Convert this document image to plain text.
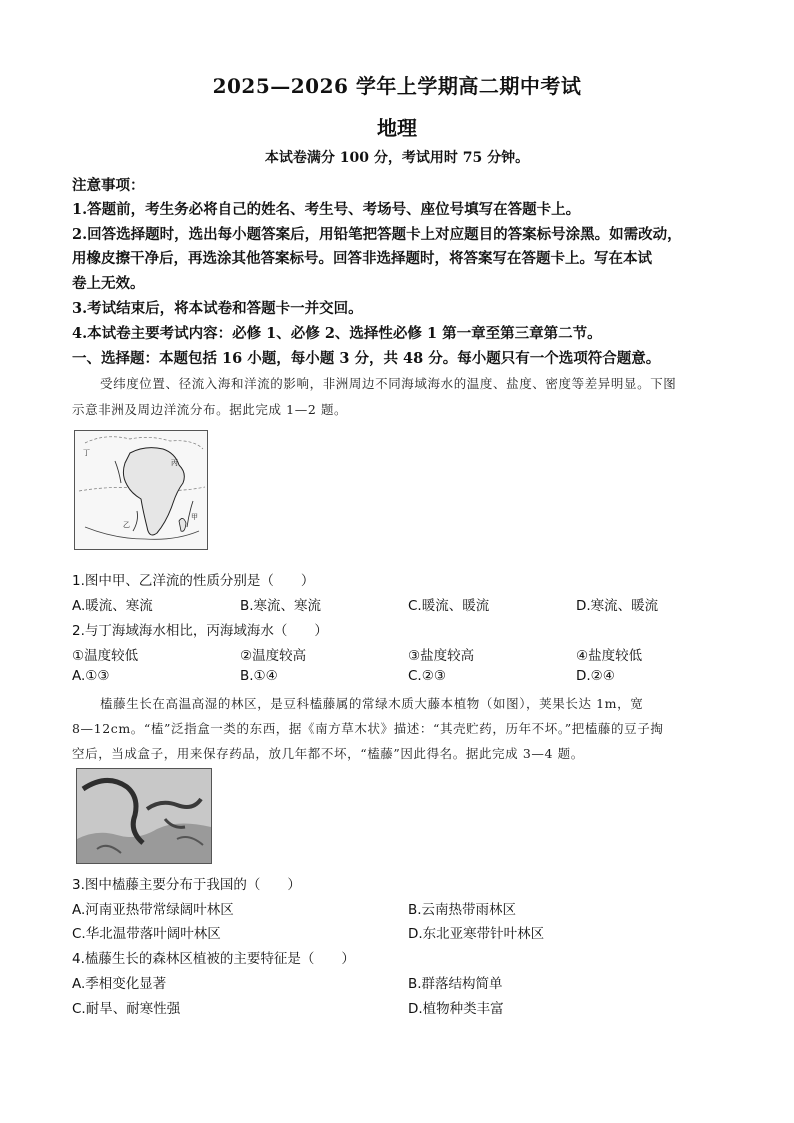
2025—2026 学年上学期高二期中考试
地理
本试卷满分 100 分，考试用时 75 分钟。
注意事项：
1.答题前，考生务必将自己的姓名、考生号、考场号、座位号填写在答题卡上。
2.回答选择题时，选出每小题答案后，用铅笔把答题卡上对应题目的答案标号涂黑。如需改动，
用橡皮擦干净后，再选涂其他答案标号。回答非选择题时，将答案写在答题卡上。写在本试
卷上无效。
3.考试结束后，将本试卷和答题卡一并交回。
4.本试卷主要考试内容：必修 1、必修 2、选择性必修 1 第一章至第三章第二节。
一、选择题：本题包括 16 小题，每小题 3 分，共 48 分。每小题只有一个选项符合题意。
受纬度位置、径流入海和洋流的影响，非洲周边不同海域海水的温度、盐度、密度等差异明显。下图
示意非洲及周边洋流分布。据此完成 1—2 题。
丁
丙
乙
甲
1.图中甲、乙洋流的性质分别是（　　）
A.暖流、寒流	B.寒流、寒流	C.暖流、暖流	D.寒流、暖流
2.与丁海域海水相比，丙海域海水（　　）
①温度较低	②温度较高	③盐度较高	④盐度较低
A.①③	B.①④	C.②③	D.②④
榼藤生长在高温高湿的林区，是豆科榼藤属的常绿木质大藤本植物（如图），荚果长达 1m，宽
8—12cm。“榼”泛指盒一类的东西，据《南方草木状》描述：“其壳贮药，历年不坏。”把榼藤的豆子掏
空后，当成盒子，用来保存药品，放几年都不坏，“榼藤”因此得名。据此完成 3—4 题。
3.图中榼藤主要分布于我国的（　　）
A.河南亚热带常绿阔叶林区	B.云南热带雨林区
C.华北温带落叶阔叶林区	D.东北亚寒带针叶林区
4.榼藤生长的森林区植被的主要特征是（　　）
A.季相变化显著	B.群落结构简单
C.耐旱、耐寒性强	D.植物种类丰富
